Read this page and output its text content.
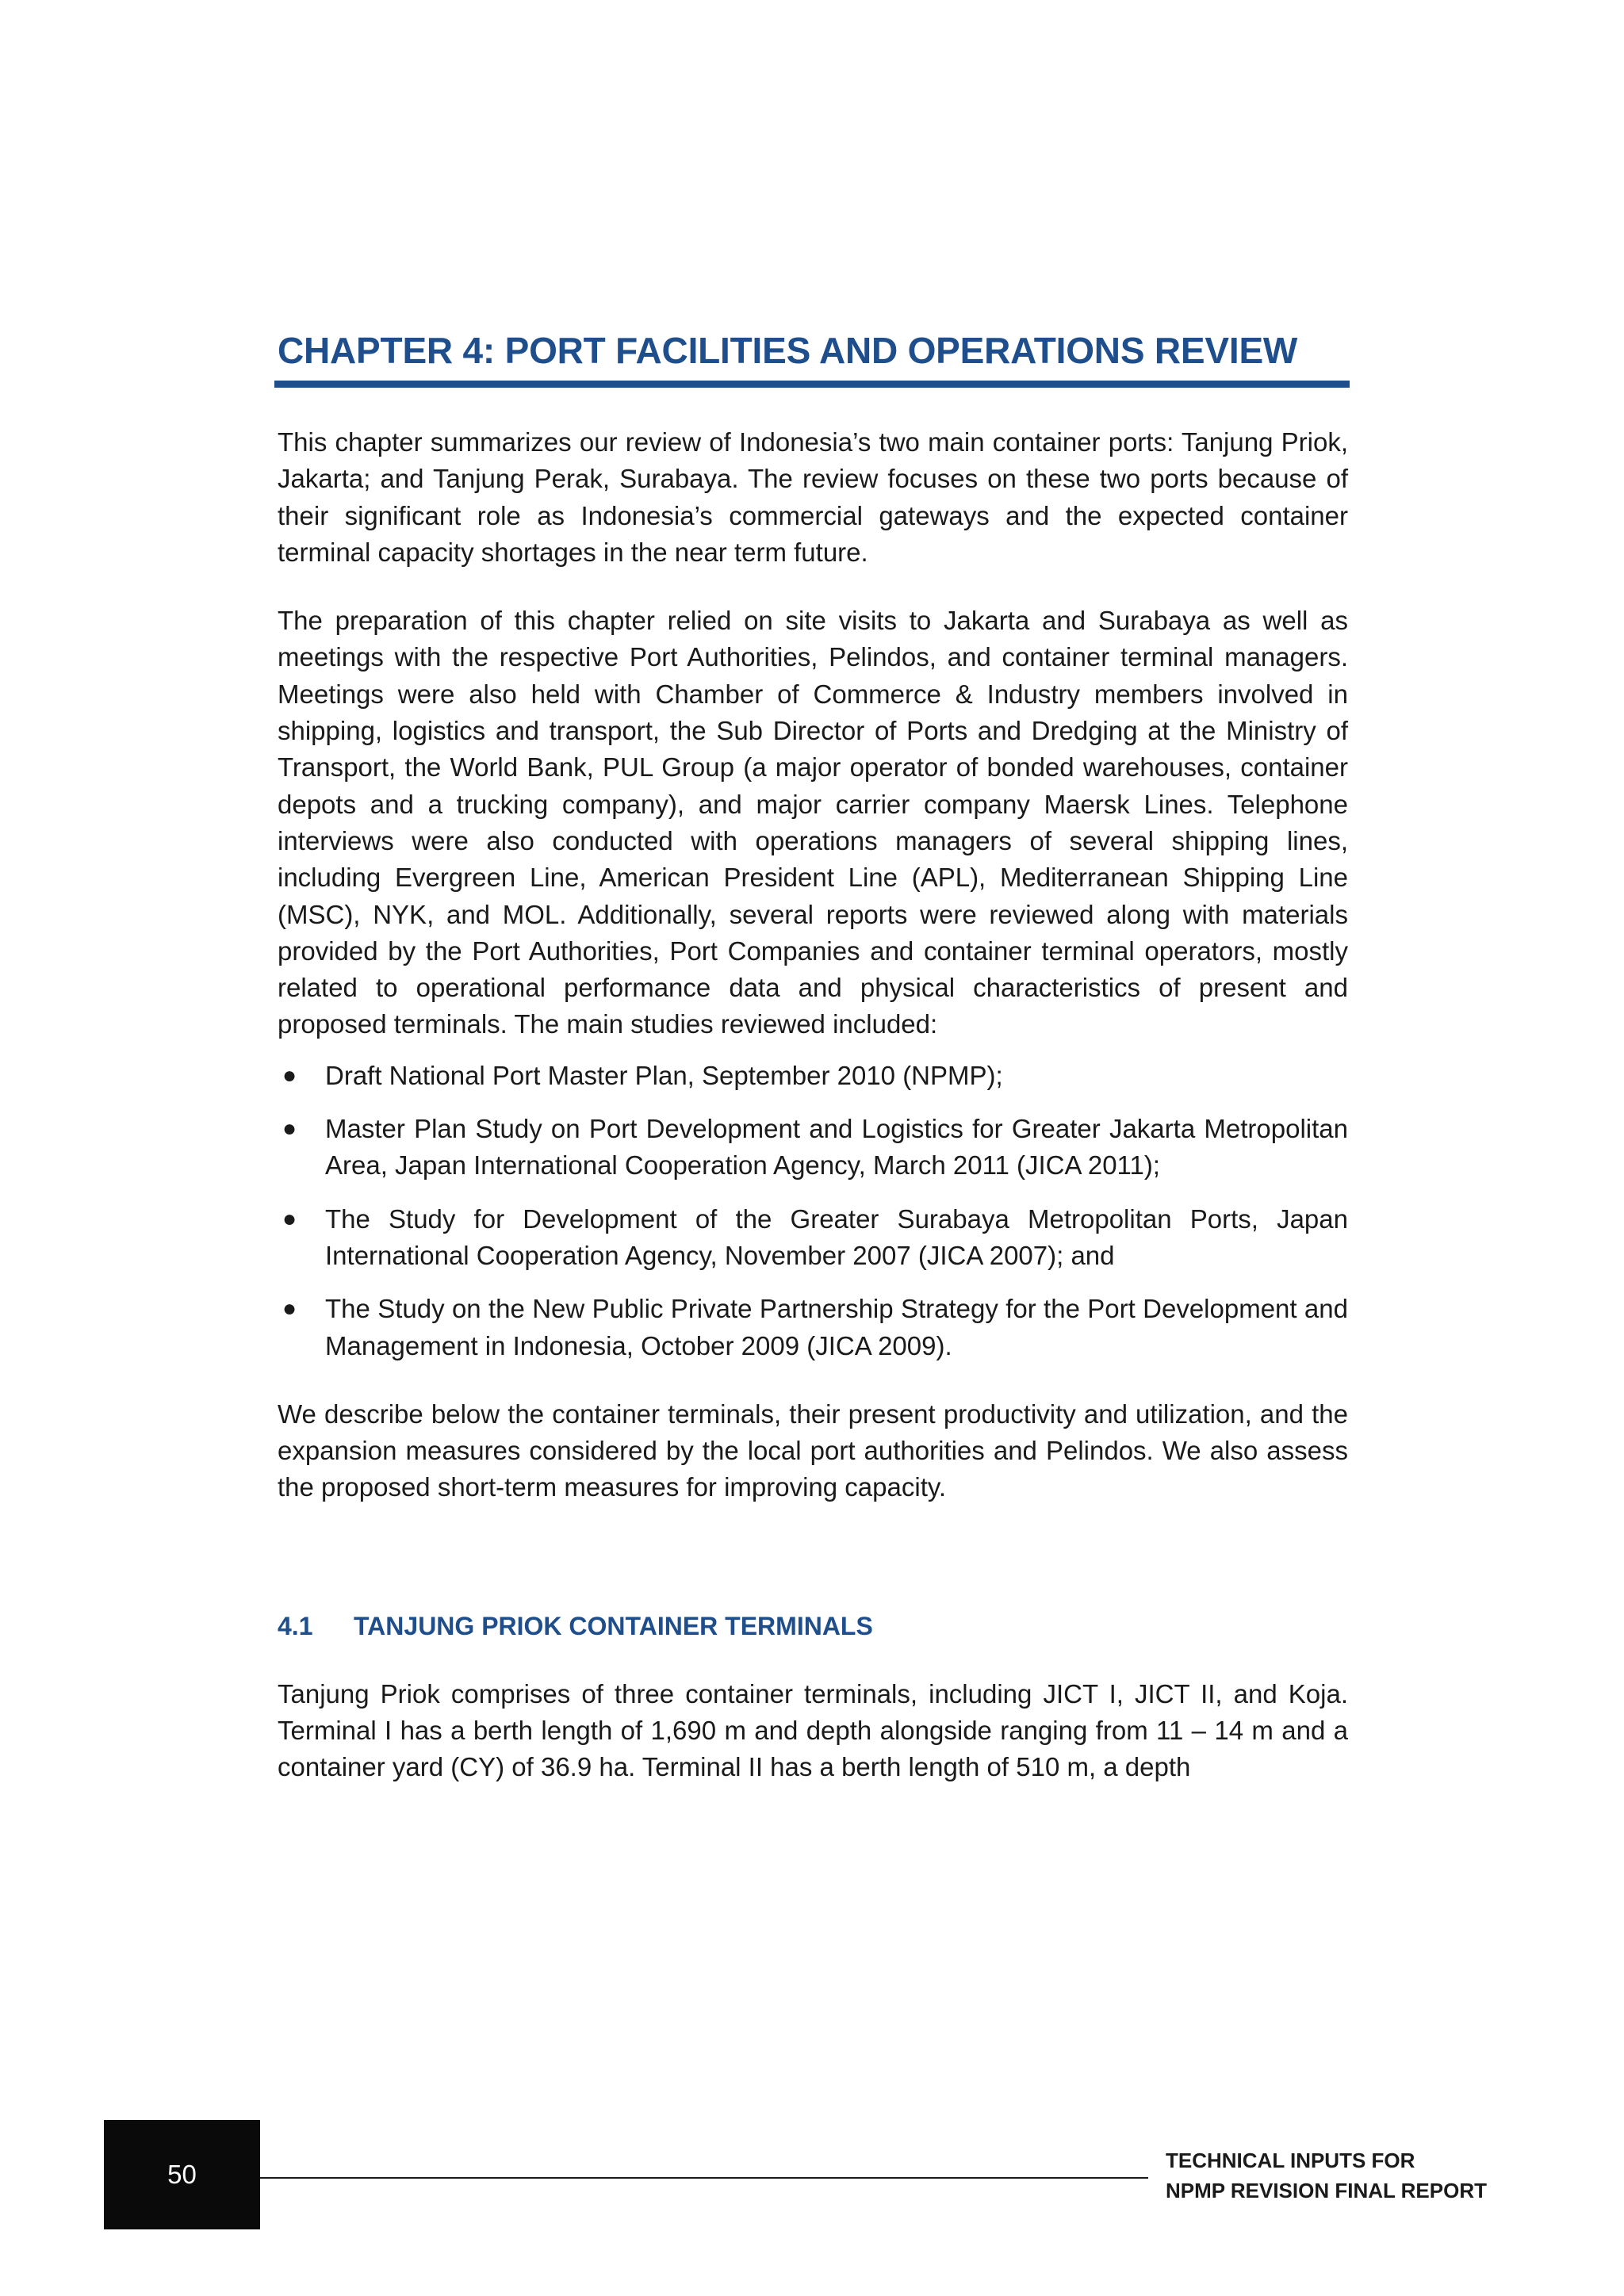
CHAPTER 4: PORT FACILITIES AND OPERATIONS REVIEW

This chapter summarizes our review of Indonesia’s two main container ports: Tanjung Priok, Jakarta; and Tanjung Perak, Surabaya. The review focuses on these two ports because of their significant role as Indonesia’s commercial gateways and the expected container terminal capacity shortages in the near term future.

The preparation of this chapter relied on site visits to Jakarta and Surabaya as well as meetings with the respective Port Authorities, Pelindos, and container terminal managers. Meetings were also held with Chamber of Commerce & Industry members involved in shipping, logistics and transport, the Sub Director of Ports and Dredging at the Ministry of Transport, the World Bank, PUL Group (a major operator of bonded warehouses, container depots and a trucking company), and major carrier company Maersk Lines. Telephone interviews were also conducted with operations managers of several shipping lines, including Evergreen Line, American President Line (APL), Mediterranean Shipping Line (MSC), NYK, and MOL. Additionally, several reports were reviewed along with materials provided by the Port Authorities, Port Companies and container terminal operators, mostly related to operational performance data and physical characteristics of present and proposed terminals. The main studies reviewed included:

● Draft National Port Master Plan, September 2010 (NPMP);
● Master Plan Study on Port Development and Logistics for Greater Jakarta Metropolitan Area, Japan International Cooperation Agency, March 2011 (JICA 2011);
● The Study for Development of the Greater Surabaya Metropolitan Ports, Japan International Cooperation Agency, November 2007 (JICA 2007); and
● The Study on the New Public Private Partnership Strategy for the Port Development and Management in Indonesia, October 2009 (JICA 2009).

We describe below the container terminals, their present productivity and utilization, and the expansion measures considered by the local port authorities and Pelindos. We also assess the proposed short-term measures for improving capacity.

4.1 TANJUNG PRIOK CONTAINER TERMINALS

Tanjung Priok comprises of three container terminals, including JICT I, JICT II, and Koja. Terminal I has a berth length of 1,690 m and depth alongside ranging from 11 – 14 m and a container yard (CY) of 36.9 ha. Terminal II has a berth length of 510 m, a depth

50	TECHNICAL INPUTS FOR
NPMP REVISION FINAL REPORT
